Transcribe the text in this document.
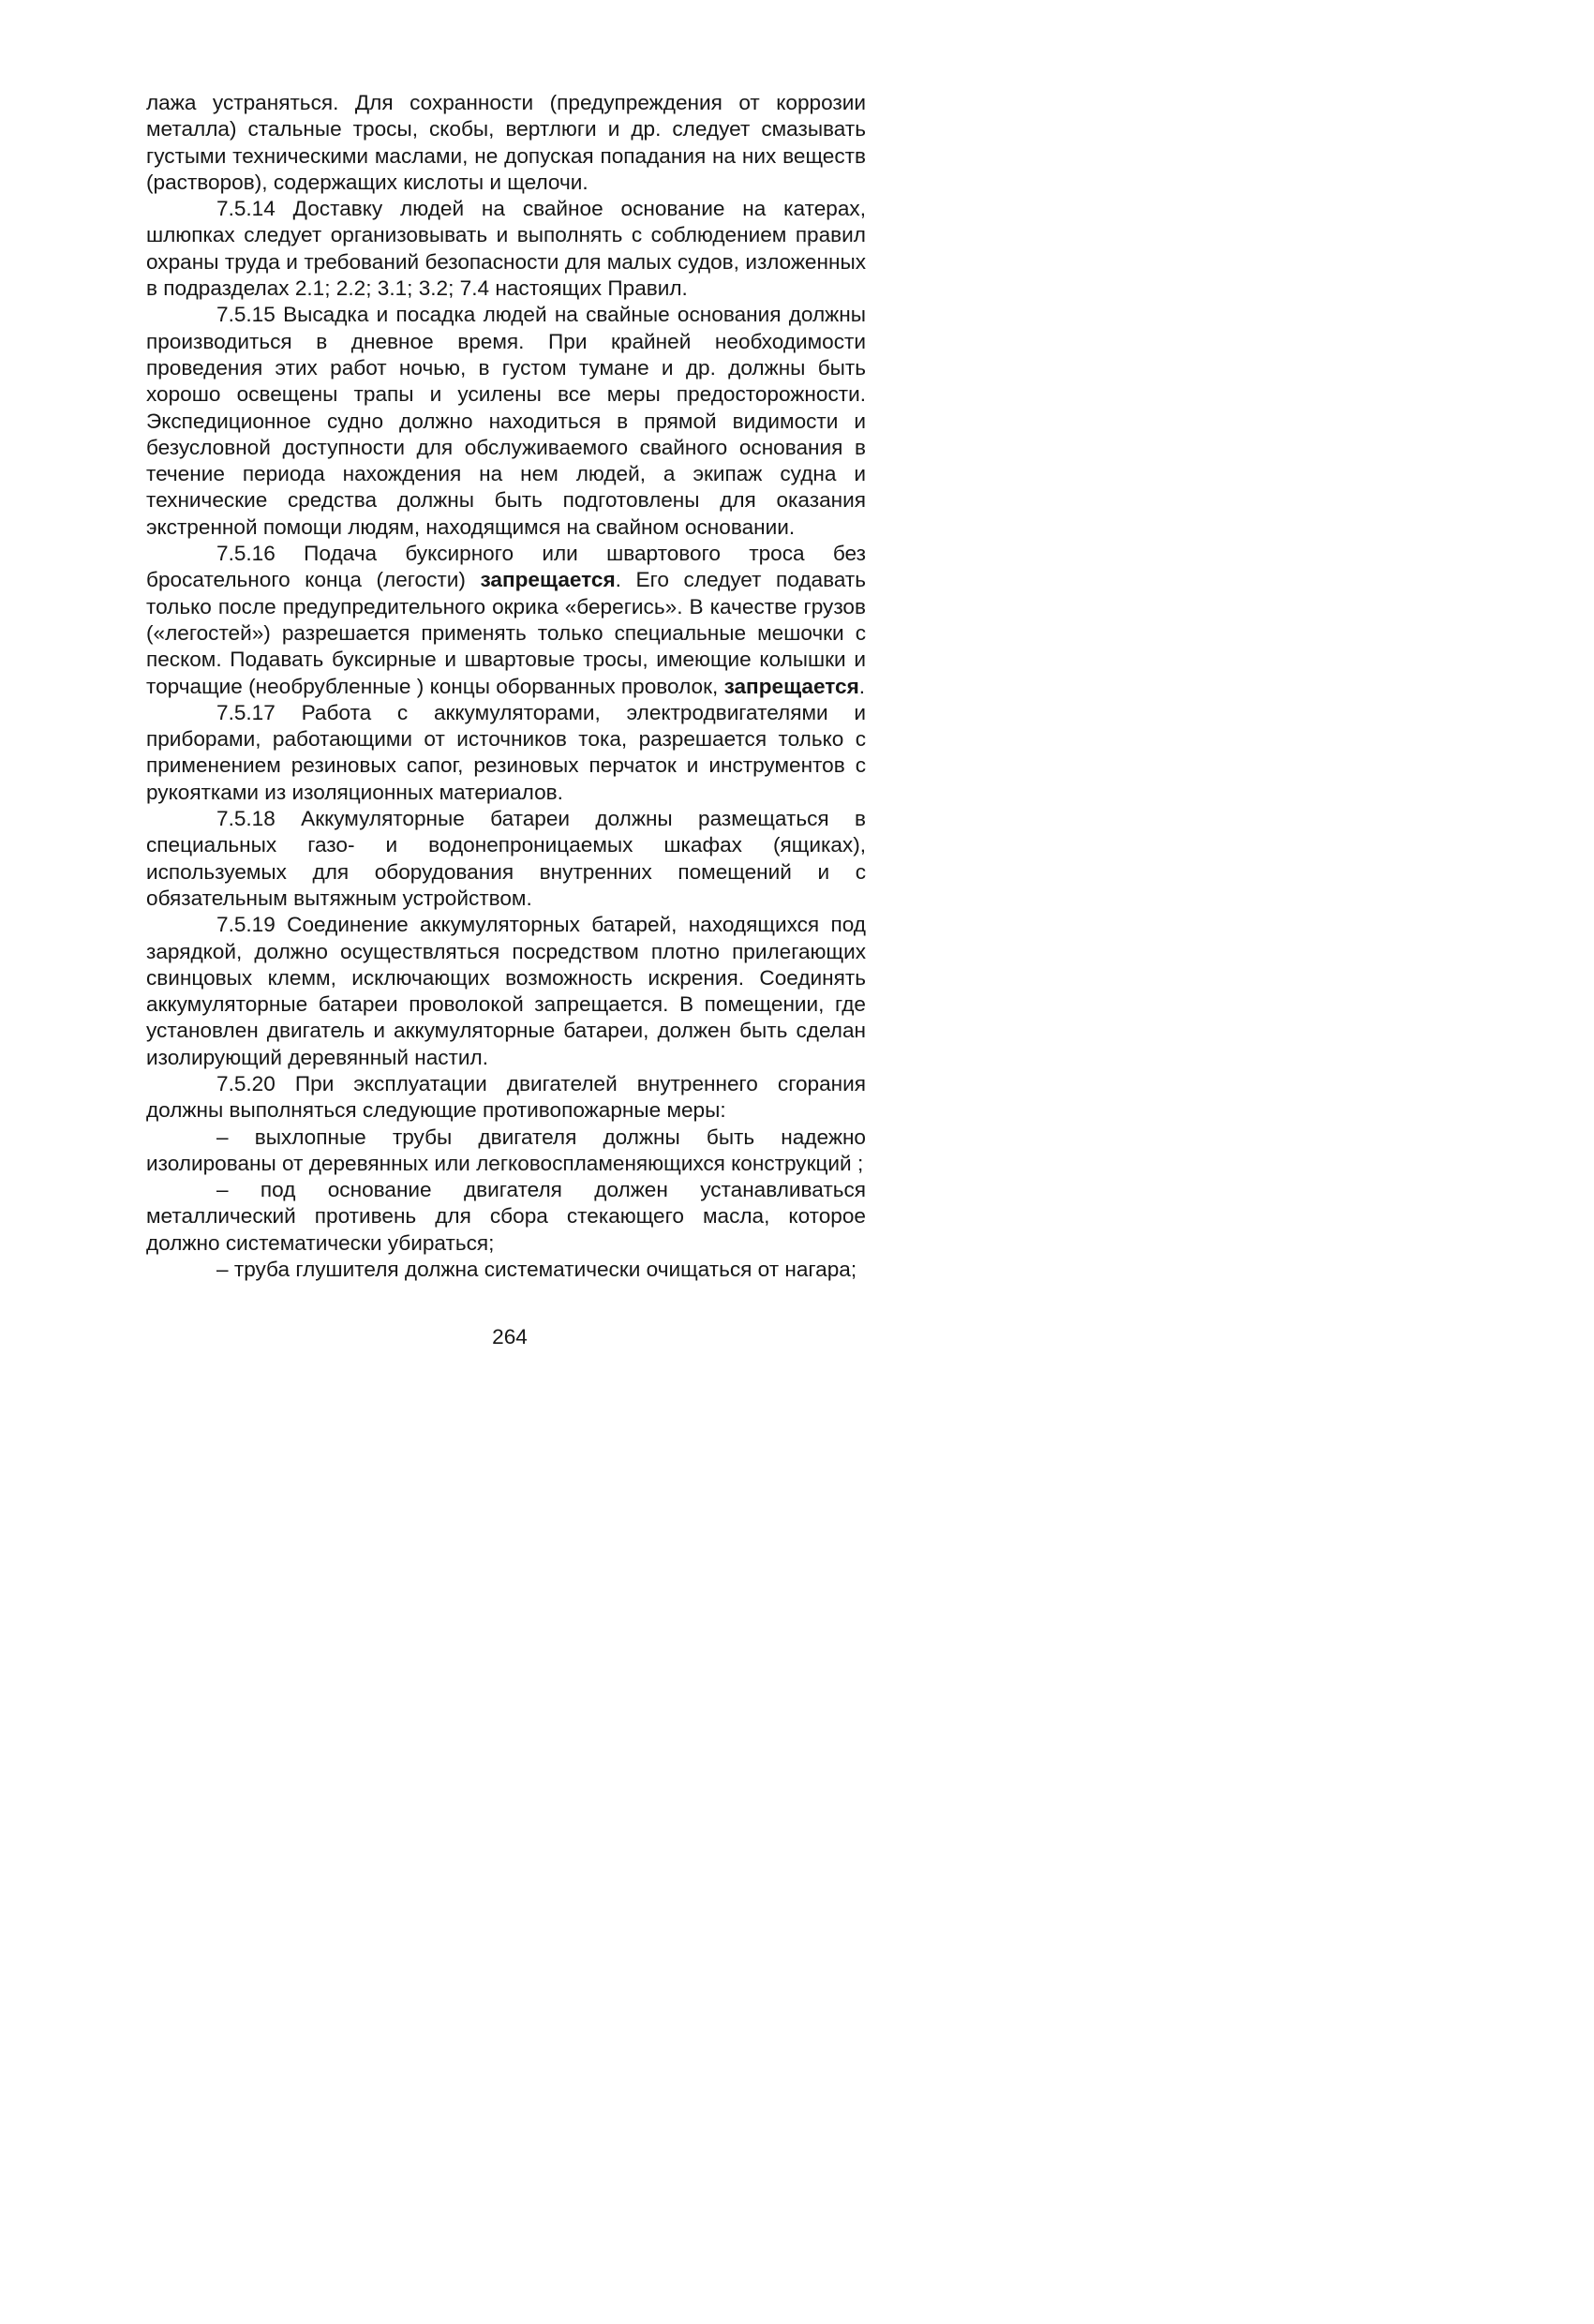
лажа устраняться. Для сохранности (предупреждения от коррозии металла) стальные тросы, скобы, вертлюги и др. следует смазывать густыми техническими маслами, не допуская попадания на них веществ (растворов), содержащих кислоты и щелочи.

7.5.14 Доставку людей на свайное основание на катерах, шлюпках следует организовывать и выполнять с соблюдением правил охраны труда и требований безопасности для малых судов, изложенных в подразделах 2.1; 2.2; 3.1; 3.2; 7.4 настоящих Правил.

7.5.15 Высадка и посадка людей на свайные основания должны производиться в дневное время. При крайней необходимости проведения этих работ ночью, в густом тумане и др. должны быть хорошо освещены трапы и усилены все меры предосторожности. Экспедиционное судно должно находиться в прямой видимости и безусловной доступности для обслуживаемого свайного основания в течение периода нахождения на нем людей, а экипаж судна и технические средства должны быть подготовлены для оказания экстренной помощи людям, находящимся на свайном основании.

7.5.16 Подача буксирного или швартового троса без бросательного конца (легости) запрещается. Его следует подавать только после предупредительного окрика «берегись». В качестве грузов («легостей») разрешается применять только специальные мешочки с песком. Подавать буксирные и швартовые тросы, имеющие колышки и торчащие (необрубленные ) концы оборванных проволок, запрещается.

7.5.17 Работа с аккумуляторами, электродвигателями и приборами, работающими от источников тока, разрешается только с применением резиновых сапог, резиновых перчаток и инструментов с рукоятками из изоляционных материалов.

7.5.18 Аккумуляторные батареи должны размещаться в специальных газо- и водонепроницаемых шкафах (ящиках), используемых для оборудования внутренних помещений и с обязательным вытяжным устройством.

7.5.19 Соединение аккумуляторных батарей, находящихся под зарядкой, должно осуществляться посредством плотно прилегающих свинцовых клемм, исключающих возможность искрения. Соединять аккумуляторные батареи проволокой запрещается. В помещении, где установлен двигатель и аккумуляторные батареи, должен быть сделан изолирующий деревянный настил.

7.5.20 При эксплуатации двигателей внутреннего сгорания должны выполняться следующие противопожарные меры:

– выхлопные трубы двигателя должны быть надежно изолированы от деревянных или легковоспламеняющихся конструкций ;

– под основание двигателя должен устанавливаться металлический противень для сбора стекающего масла, которое должно систематически убираться;

– труба глушителя должна систематически очищаться от нагара;

264
